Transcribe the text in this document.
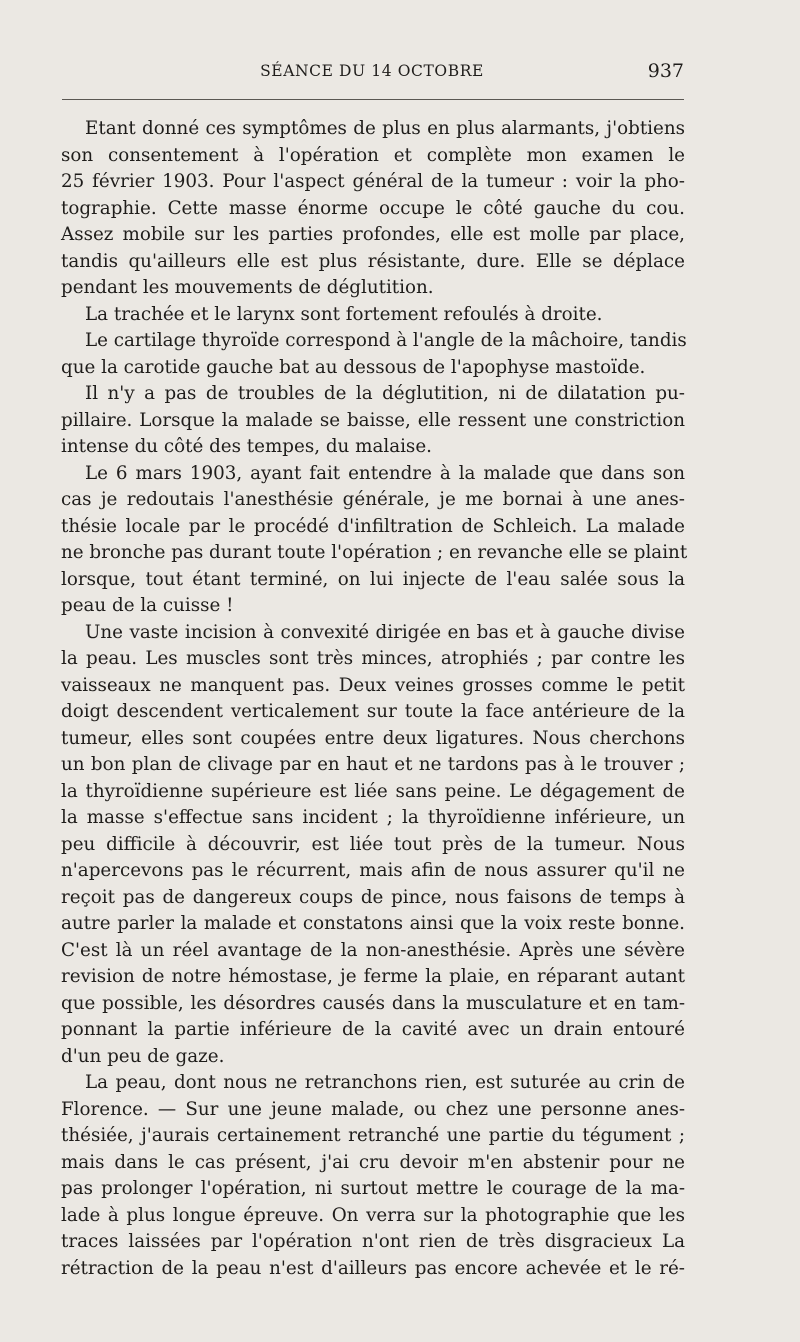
SÉANCE DU 14 OCTOBRE	937
Etant donné ces symptômes de plus en plus alarmants, j'obtiens
son consentement à l'opération et complète mon examen le
25 février 1903. Pour l'aspect général de la tumeur : voir la pho-
tographie. Cette masse énorme occupe le côté gauche du cou.
Assez mobile sur les parties profondes, elle est molle par place,
tandis qu'ailleurs elle est plus résistante, dure. Elle se déplace
pendant les mouvements de déglutition.
La trachée et le larynx sont fortement refoulés à droite.
Le cartilage thyroïde correspond à l'angle de la mâchoire, tandis
que la carotide gauche bat au dessous de l'apophyse mastoïde.
Il n'y a pas de troubles de la déglutition, ni de dilatation pu-
pillaire. Lorsque la malade se baisse, elle ressent une constriction
intense du côté des tempes, du malaise.
Le 6 mars 1903, ayant fait entendre à la malade que dans son
cas je redoutais l'anesthésie générale, je me bornai à une anes-
thésie locale par le procédé d'infiltration de Schleich. La malade
ne bronche pas durant toute l'opération ; en revanche elle se plaint
lorsque, tout étant terminé, on lui injecte de l'eau salée sous la
peau de la cuisse !
Une vaste incision à convexité dirigée en bas et à gauche divise
la peau. Les muscles sont très minces, atrophiés ; par contre les
vaisseaux ne manquent pas. Deux veines grosses comme le petit
doigt descendent verticalement sur toute la face antérieure de la
tumeur, elles sont coupées entre deux ligatures. Nous cherchons
un bon plan de clivage par en haut et ne tardons pas à le trouver ;
la thyroïdienne supérieure est liée sans peine. Le dégagement de
la masse s'effectue sans incident ; la thyroïdienne inférieure, un
peu difficile à découvrir, est liée tout près de la tumeur. Nous
n'apercevons pas le récurrent, mais afin de nous assurer qu'il ne
reçoit pas de dangereux coups de pince, nous faisons de temps à
autre parler la malade et constatons ainsi que la voix reste bonne.
C'est là un réel avantage de la non-anesthésie. Après une sévère
revision de notre hémostase, je ferme la plaie, en réparant autant
que possible, les désordres causés dans la musculature et en tam-
ponnant la partie inférieure de la cavité avec un drain entouré
d'un peu de gaze.
La peau, dont nous ne retranchons rien, est suturée au crin de
Florence. — Sur une jeune malade, ou chez une personne anes-
thésiée, j'aurais certainement retranché une partie du tégument ;
mais dans le cas présent, j'ai cru devoir m'en abstenir pour ne
pas prolonger l'opération, ni surtout mettre le courage de la ma-
lade à plus longue épreuve. On verra sur la photographie que les
traces laissées par l'opération n'ont rien de très disgracieux La
rétraction de la peau n'est d'ailleurs pas encore achevée et le ré-
